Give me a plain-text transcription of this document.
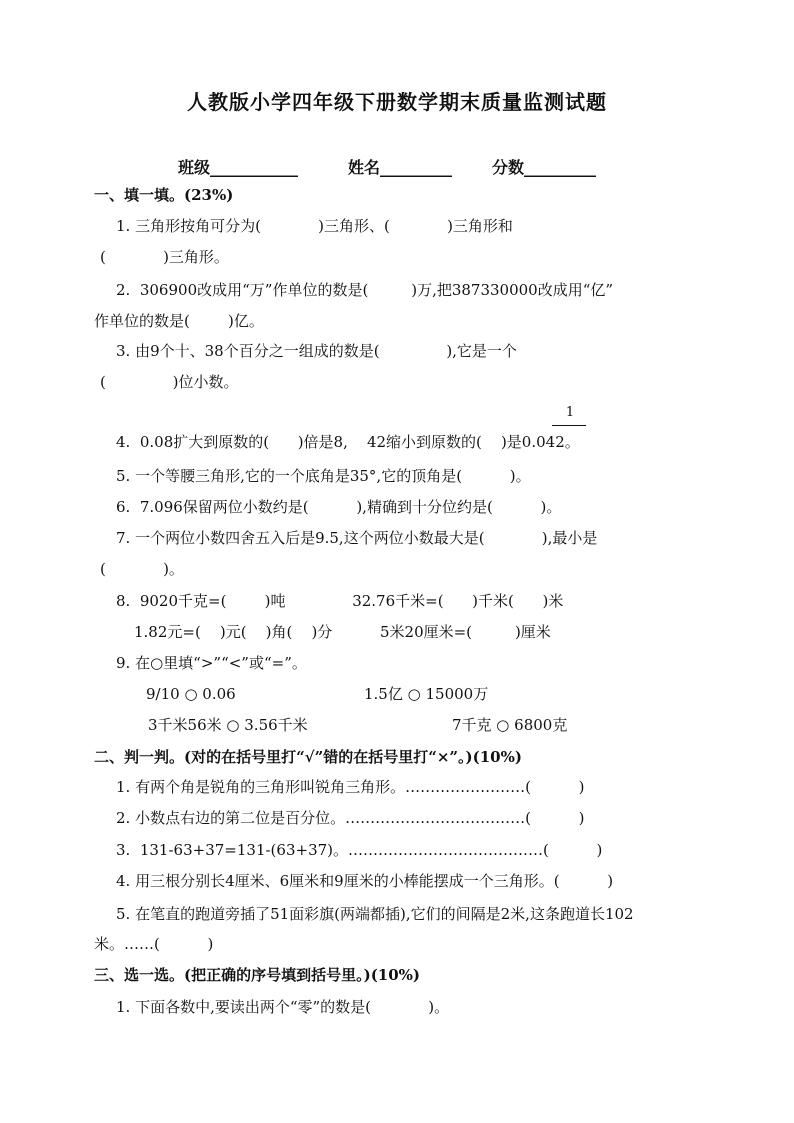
人教版小学四年级下册数学期末质量监测试题
班级___________	姓名_________ 分数_________
一、填一填。(23%)
1. 三角形按角可分为(            )三角形、(            )三角形和
(            )三角形。
2.  306900改成用“万”作单位的数是(         )万,把387330000改成用“亿”
作单位的数是(        )亿。
3. 由9个十、38个百分之一组成的数是(              ),它是一个
(              )位小数。
1
4.  0.08扩大到原数的(      )倍是8,    42缩小到原数的(    )是0.042。
5. 一个等腰三角形,它的一个底角是35°,它的顶角是(          )。
6.  7.096保留两位小数约是(          ),精确到十分位约是(          )。
7. 一个两位小数四舍五入后是9.5,这个两位小数最大是(            ),最小是
(            )。
8.  9020千克=(        )吨              32.76千米=(      )千米(      )米
1.82元=(    )元(    )角(    )分          5米20厘米=(         )厘米
9. 在○里填“>”“<”或“=”。
9/10 ○ 0.06	1.5亿 ○ 15000万
3千米56米 ○ 3.56千米	7千克 ○ 6800克
二、判一判。(对的在括号里打“√”错的在括号里打“×”。)(10%)
1. 有两个角是锐角的三角形叫锐角三角形。……………………(          )
2. 小数点右边的第二位是百分位。………………………………(          )
3.  131-63+37=131-(63+37)。…………………………………(          )
4. 用三根分别长4厘米、6厘米和9厘米的小棒能摆成一个三角形。(          )
5. 在笔直的跑道旁插了51面彩旗(两端都插),它们的间隔是2米,这条跑道长102
米。……(          )
三、选一选。(把正确的序号填到括号里。)(10%)
1. 下面各数中,要读出两个“零”的数是(            )。
